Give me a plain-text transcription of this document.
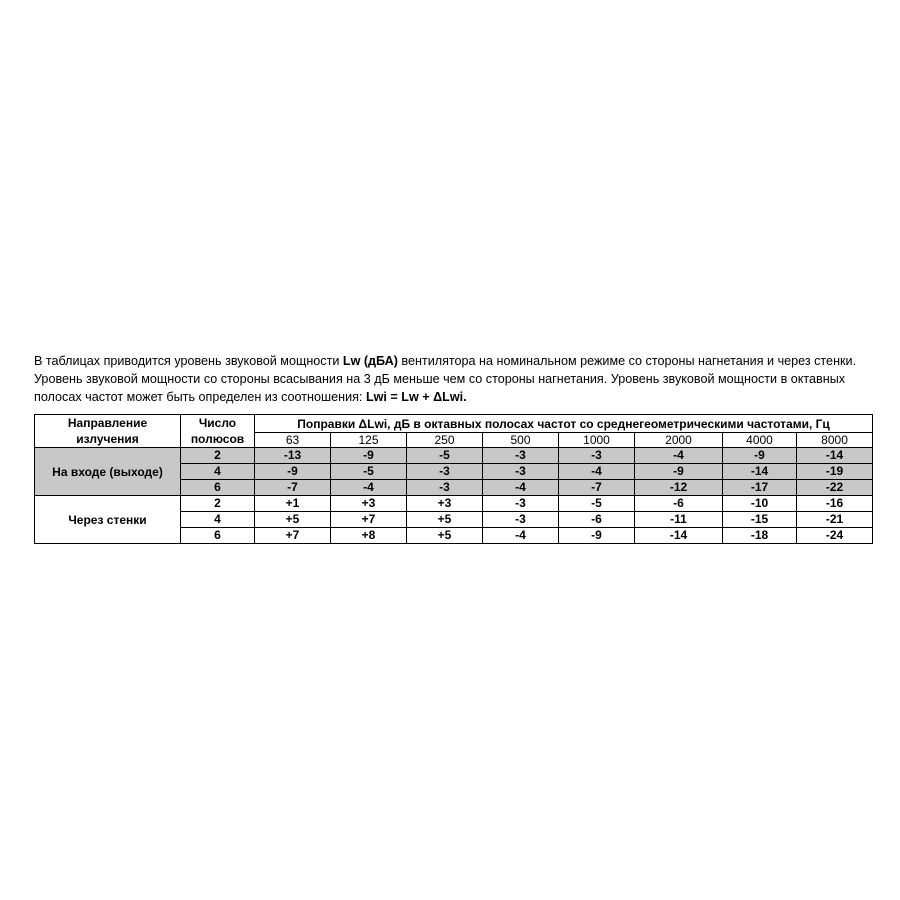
В таблицах приводится уровень звуковой мощности Lw (дБА) вентилятора на номинальном режиме со стороны нагнетания и через стенки. Уровень звуковой мощности со стороны всасывания на 3 дБ меньше чем со стороны нагнетания. Уровень звуковой мощности в октавных полосах частот может быть определен из соотношения: Lwi = Lw + ΔLwi.

Направление излучения	Число полюсов	Поправки ΔLwi, дБ в октавных полосах частот со среднегеометрическими частотами, Гц							
		63	125	250	500	1000	2000	4000	8000
На входе (выходе)	2	-13	-9	-5	-3	-3	-4	-9	-14
	4	-9	-5	-3	-3	-4	-9	-14	-19
	6	-7	-4	-3	-4	-7	-12	-17	-22
Через стенки	2	+1	+3	+3	-3	-5	-6	-10	-16
	4	+5	+7	+5	-3	-6	-11	-15	-21
	6	+7	+8	+5	-4	-9	-14	-18	-24
